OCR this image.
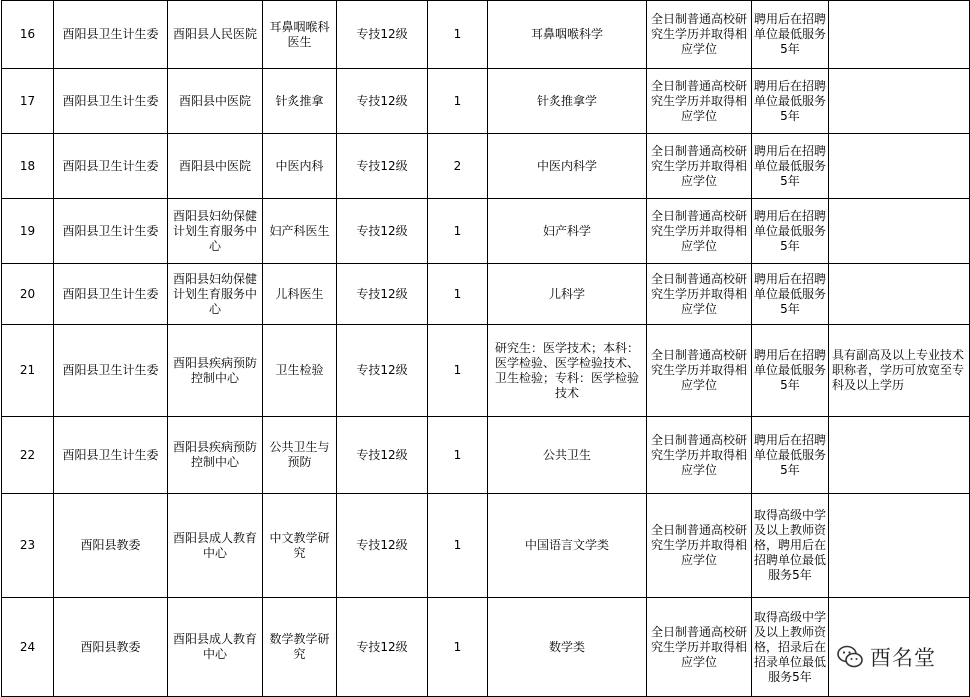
16	酉阳县卫生计生委	酉阳县人民医院	耳鼻咽喉科医生	专技12级	1	耳鼻咽喉科学	全日制普通高校研究生学历并取得相应学位	聘用后在招聘单位最低服务5年	
17	酉阳县卫生计生委	酉阳县中医院	针炙推拿	专技12级	1	针炙推拿学	全日制普通高校研究生学历并取得相应学位	聘用后在招聘单位最低服务5年	
18	酉阳县卫生计生委	酉阳县中医院	中医内科	专技12级	2	中医内科学	全日制普通高校研究生学历并取得相应学位	聘用后在招聘单位最低服务5年	
19	酉阳县卫生计生委	酉阳县妇幼保健计划生育服务中心	妇产科医生	专技12级	1	妇产科学	全日制普通高校研究生学历并取得相应学位	聘用后在招聘单位最低服务5年	
20	酉阳县卫生计生委	酉阳县妇幼保健计划生育服务中心	儿科医生	专技12级	1	儿科学	全日制普通高校研究生学历并取得相应学位	聘用后在招聘单位最低服务5年	
21	酉阳县卫生计生委	酉阳县疾病预防控制中心	卫生检验	专技12级	1	研究生：医学技术；本科：医学检验、医学检验技术、卫生检验；专科：医学检验技术	全日制普通高校研究生学历并取得相应学位	聘用后在招聘单位最低服务5年	具有副高及以上专业技术职称者，学历可放宽至专科及以上学历
22	酉阳县卫生计生委	酉阳县疾病预防控制中心	公共卫生与预防	专技12级	1	公共卫生	全日制普通高校研究生学历并取得相应学位	聘用后在招聘单位最低服务5年	
23	酉阳县教委	酉阳县成人教育中心	中文教学研究	专技12级	1	中国语言文学类	全日制普通高校研究生学历并取得相应学位	取得高级中学及以上教师资格，聘用后在招聘单位最低服务5年	
24	酉阳县教委	酉阳县成人教育中心	数学教学研究	专技12级	1	数学类	全日制普通高校研究生学历并取得相应学位	取得高级中学及以上教师资格，招录后在招录单位最低服务5年	
酉名堂
